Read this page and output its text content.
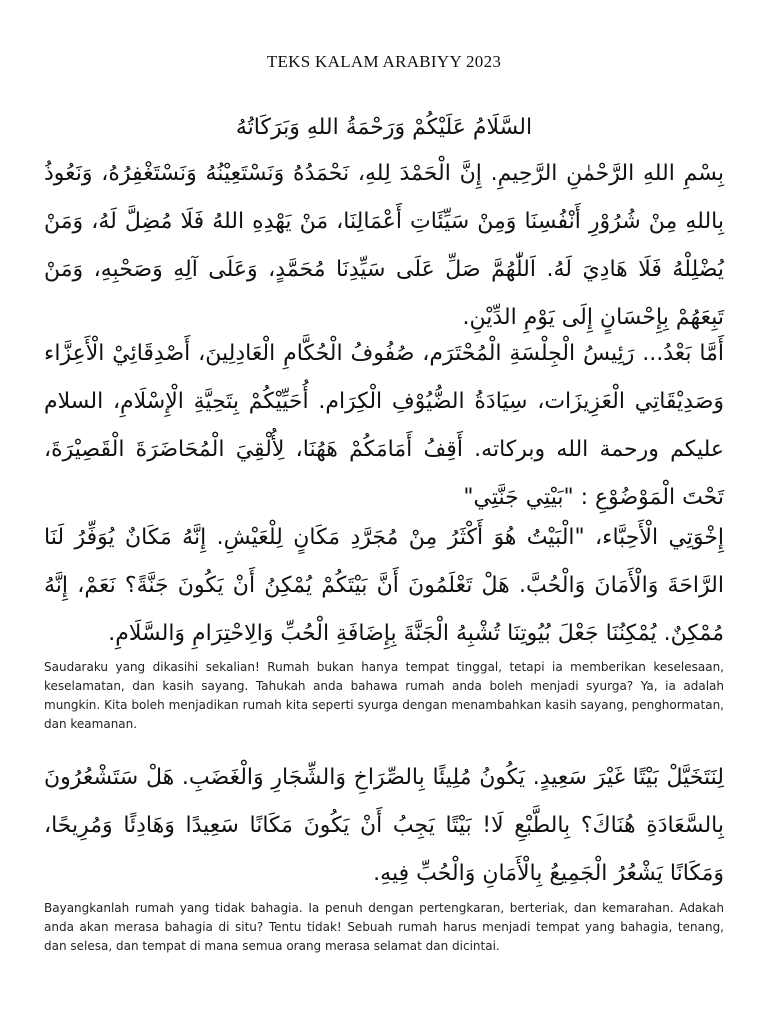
TEKS KALAM ARABIYY 2023
السَّلَامُ عَلَيْكُمْ وَرَحْمَةُ اللهِ وَبَرَكَاتُهُ
بِسْمِ اللهِ الرَّحْمٰنِ الرَّحِيمِ. إِنَّ الْحَمْدَ لِلهِ، نَحْمَدُهُ وَنَسْتَعِيْنُهُ وَنَسْتَغْفِرُهُ، وَنَعُوذُ بِاللهِ مِنْ شُرُوْرِ أَنْفُسِنَا وَمِنْ سَيِّئَاتِ أَعْمَالِنَا، مَنْ يَهْدِهِ اللهُ فَلَا مُضِلَّ لَهُ، وَمَنْ يُضْلِلْهُ فَلَا هَادِيَ لَهُ. اَللّٰهُمَّ صَلِّ عَلَى سَيِّدِنَا مُحَمَّدٍ، وَعَلَى آلِهِ وَصَحْبِهِ، وَمَنْ تَبِعَهُمْ بِإِحْسَانٍ إِلَى يَوْمِ الدِّيْنِ.
أَمَّا بَعْدُ... رَئِيسُ الْجِلْسَةِ الْمُحْتَرَم، صُفُوفُ الْحُكَّامِ الْعَادِلِينَ، أَصْدِقَائِيْ الْأَعِزَّاء وَصَدِيْقَاتِي الْعَزِيزَات، سِيَادَةُ الضُّيُوْفِ الْكِرَام. أُحَيِّيْكُمْ بِتَحِيَّةِ الْإِسْلَامِ، السلام عليكم ورحمة الله وبركاته. أَقِفُ أَمَامَكُمْ هَهُنَا، لِأُلْقِيَ الْمُحَاضَرَةَ الْقَصِيْرَةَ، تَحْتَ الْمَوْضُوْعِ : "بَيْتِي جَنَّتِي"
إِخْوَتِي الْأَحِبَّاء، "الْبَيْتُ هُوَ أَكْثَرُ مِنْ مُجَرَّدِ مَكَانٍ لِلْعَيْشِ. إِنَّهُ مَكَانٌ يُوَفِّرُ لَنَا الرَّاحَةَ وَالْأَمَانَ وَالْحُبَّ. هَلْ تَعْلَمُونَ أَنَّ بَيْتَكُمْ يُمْكِنُ أَنْ يَكُونَ جَنَّةً؟ نَعَمْ، إِنَّهُ مُمْكِنٌ. يُمْكِنُنَا جَعْلَ بُيُوتِنَا تُشْبِهُ الْجَنَّةَ بِإِضَافَةِ الْحُبِّ وَالِاحْتِرَامِ وَالسَّلَامِ.
Saudaraku yang dikasihi sekalian! Rumah bukan hanya tempat tinggal, tetapi ia memberikan keselesaan, keselamatan, dan kasih sayang. Tahukah anda bahawa rumah anda boleh menjadi syurga? Ya, ia adalah mungkin. Kita boleh menjadikan rumah kita seperti syurga dengan menambahkan kasih sayang, penghormatan, dan keamanan.
لِنَتَخَيَّلْ بَيْتًا غَيْرَ سَعِيدٍ. يَكُونُ مُلِيئًا بِالصِّرَاخِ وَالشِّجَارِ وَالْغَضَبِ. هَلْ سَتَشْعُرُونَ بِالسَّعَادَةِ هُنَاكَ؟ بِالطَّبْعِ لَا! بَيْتًا يَجِبُ أَنْ يَكُونَ مَكَانًا سَعِيدًا وَهَادِئًا وَمُرِيحًا، وَمَكَانًا يَشْعُرُ الْجَمِيعُ بِالْأَمَانِ وَالْحُبِّ فِيهِ.
Bayangkanlah rumah yang tidak bahagia. Ia penuh dengan pertengkaran, berteriak, dan kemarahan. Adakah anda akan merasa bahagia di situ? Tentu tidak! Sebuah rumah harus menjadi tempat yang bahagia, tenang, dan selesa, dan tempat di mana semua orang merasa selamat dan dicintai.
